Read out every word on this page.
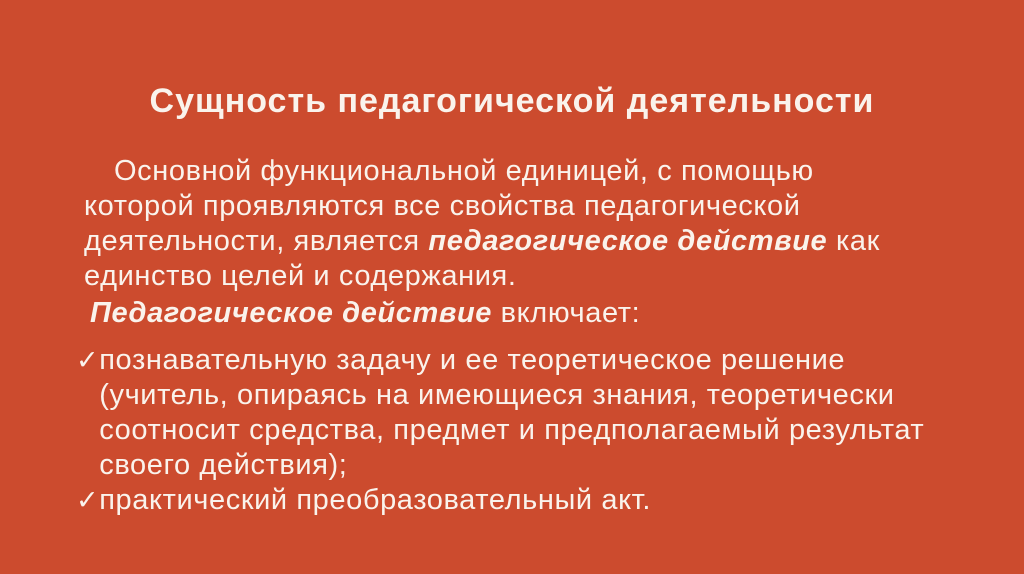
Сущность педагогической деятельности
Основной функциональной единицей, с помощью
которой проявляются все свойства педагогической
деятельности, является педагогическое действие как
единство целей и содержания.
Педагогическое действие включает:
✓ познавательную задачу и ее теоретическое решение
(учитель, опираясь на имеющиеся знания, теоретически
соотносит средства, предмет и предполагаемый результат
своего действия);
✓ практический преобразовательный акт.
